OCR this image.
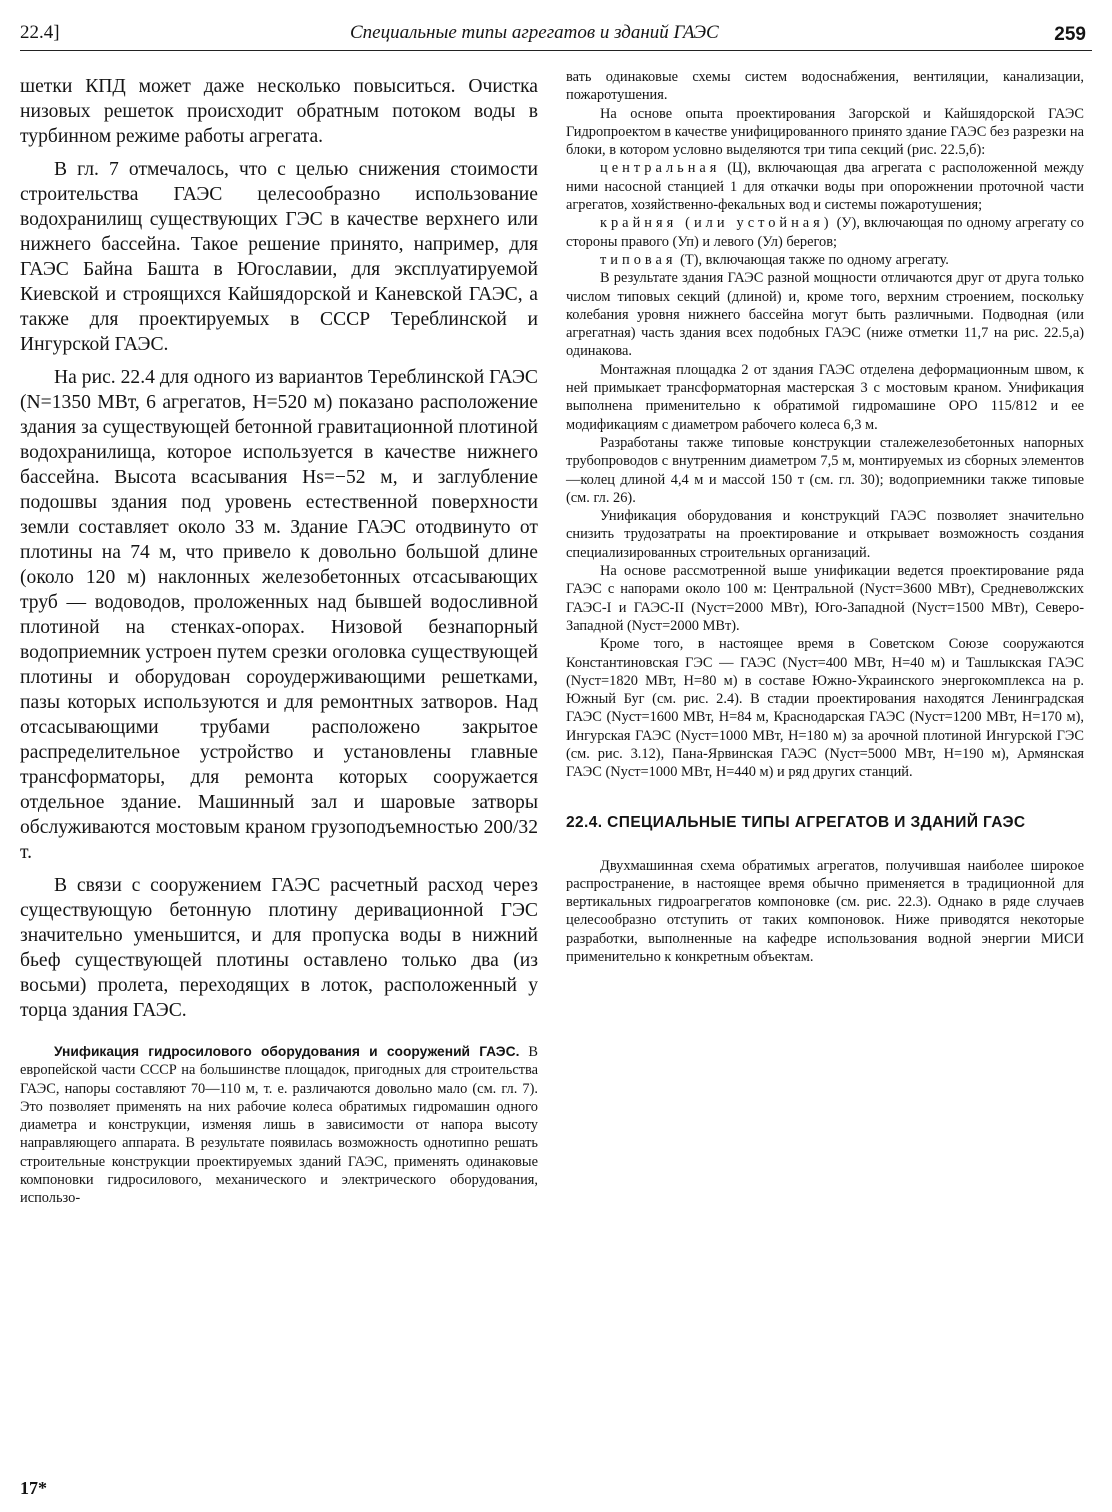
22.4]	Специальные типы агрегатов и зданий ГАЭС	259

шетки КПД может даже несколько повыситься. Очистка низовых решеток происходит обратным потоком воды в турбинном режиме работы агрегата.

В гл. 7 отмечалось, что с целью снижения стоимости строительства ГАЭС целесообразно использование водохранилищ существующих ГЭС в качестве верхнего или нижнего бассейна. Такое решение принято, например, для ГАЭС Байна Башта в Югославии, для эксплуатируемой Киевской и строящихся Кайшядорской и Каневской ГАЭС, а также для проектируемых в СССР Тереблинской и Ингурской ГАЭС.

На рис. 22.4 для одного из вариантов Тереблинской ГАЭС (N=1350 МВт, 6 агрегатов, H=520 м) показано расположение здания за существующей бетонной гравитационной плотиной водохранилища, которое используется в качестве нижнего бассейна. Высота всасывания Hs=−52 м, и заглубление подошвы здания под уровень естественной поверхности земли составляет около 33 м. Здание ГАЭС отодвинуто от плотины на 74 м, что привело к довольно большой длине (около 120 м) наклонных железобетонных отсасывающих труб — водоводов, проложенных над бывшей водосливной плотиной на стенках-опорах. Низовой безнапорный водоприемник устроен путем срезки оголовка существующей плотины и оборудован сороудерживающими решетками, пазы которых используются и для ремонтных затворов. Над отсасывающими трубами расположено закрытое распределительное устройство и установлены главные трансформаторы, для ремонта которых сооружается отдельное здание. Машинный зал и шаровые затворы обслуживаются мостовым краном грузоподъемностью 200/32 т.

В связи с сооружением ГАЭС расчетный расход через существующую бетонную плотину деривационной ГЭС значительно уменьшится, и для пропуска воды в нижний бьеф существующей плотины оставлено только два (из восьми) пролета, переходящих в лоток, расположенный у торца здания ГАЭС.

Унификация гидросилового оборудования и сооружений ГАЭС. В европейской части СССР на большинстве площадок, пригодных для строительства ГАЭС, напоры составляют 70—110 м, т. е. различаются довольно мало (см. гл. 7). Это позволяет применять на них рабочие колеса обратимых гидромашин одного диаметра и конструкции, изменяя лишь в зависимости от напора высоту направляющего аппарата. В результате появилась возможность однотипно решать строительные конструкции проектируемых зданий ГАЭС, применять одинаковые компоновки гидросилового, механического и электрического оборудования, использо-

вать одинаковые схемы систем водоснабжения, вентиляции, канализации, пожаротушения.

На основе опыта проектирования Загорской и Кайшядорской ГАЭС Гидропроектом в качестве унифицированного принято здание ГАЭС без разрезки на блоки, в котором условно выделяются три типа секций (рис. 22.5,б):

центральная (Ц), включающая два агрегата с расположенной между ними насосной станцией 1 для откачки воды при опорожнении проточной части агрегатов, хозяйственно-фекальных вод и системы пожаротушения;

крайняя (или устойная) (У), включающая по одному агрегату со стороны правого (Уп) и левого (Ул) берегов;

типовая (Т), включающая также по одному агрегату.

В результате здания ГАЭС разной мощности отличаются друг от друга только числом типовых секций (длиной) и, кроме того, верхним строением, поскольку колебания уровня нижнего бассейна могут быть различными. Подводная (или агрегатная) часть здания всех подобных ГАЭС (ниже отметки 11,7 на рис. 22.5,а) одинакова.

Монтажная площадка 2 от здания ГАЭС отделена деформационным швом, к ней примыкает трансформаторная мастерская 3 с мостовым краном. Унификация выполнена применительно к обратимой гидромашине ОРО 115/812 и ее модификациям с диаметром рабочего колеса 6,3 м.

Разработаны также типовые конструкции сталежелезобетонных напорных трубопроводов с внутренним диаметром 7,5 м, монтируемых из сборных элементов—колец длиной 4,4 м и массой 150 т (см. гл. 30); водоприемники также типовые (см. гл. 26).

Унификация оборудования и конструкций ГАЭС позволяет значительно снизить трудозатраты на проектирование и открывает возможность создания специализированных строительных организаций.

На основе рассмотренной выше унификации ведется проектирование ряда ГАЭС с напорами около 100 м: Центральной (Nуст=3600 МВт), Средневолжских ГАЭС-I и ГАЭС-II (Nуст=2000 МВт), Юго-Западной (Nуст=1500 МВт), Северо-Западной (Nуст=2000 МВт).

Кроме того, в настоящее время в Советском Союзе сооружаются Константиновская ГЭС — ГАЭС (Nуст=400 МВт, H=40 м) и Ташлыкская ГАЭС (Nуст=1820 МВт, H=80 м) в составе Южно-Украинского энергокомплекса на р. Южный Буг (см. рис. 2.4). В стадии проектирования находятся Ленинградская ГАЭС (Nуст=1600 МВт, H=84 м, Краснодарская ГАЭС (Nуст=1200 МВт, H=170 м), Ингурская ГАЭС (Nуст=1000 МВт, H=180 м) за арочной плотиной Ингурской ГЭС (см. рис. 3.12), Пана-Ярвинская ГАЭС (Nуст=5000 МВт, H=190 м), Армянская ГАЭС (Nуст=1000 МВт, H=440 м) и ряд других станций.

22.4. СПЕЦИАЛЬНЫЕ ТИПЫ АГРЕГАТОВ И ЗДАНИЙ ГАЭС

Двухмашинная схема обратимых агрегатов, получившая наиболее широкое распространение, в настоящее время обычно применяется в традиционной для вертикальных гидроагрегатов компоновке (см. рис. 22.3). Однако в ряде случаев целесообразно отступить от таких компоновок. Ниже приводятся некоторые разработки, выполненные на кафедре использования водной энергии МИСИ применительно к конкретным объектам.

17*
